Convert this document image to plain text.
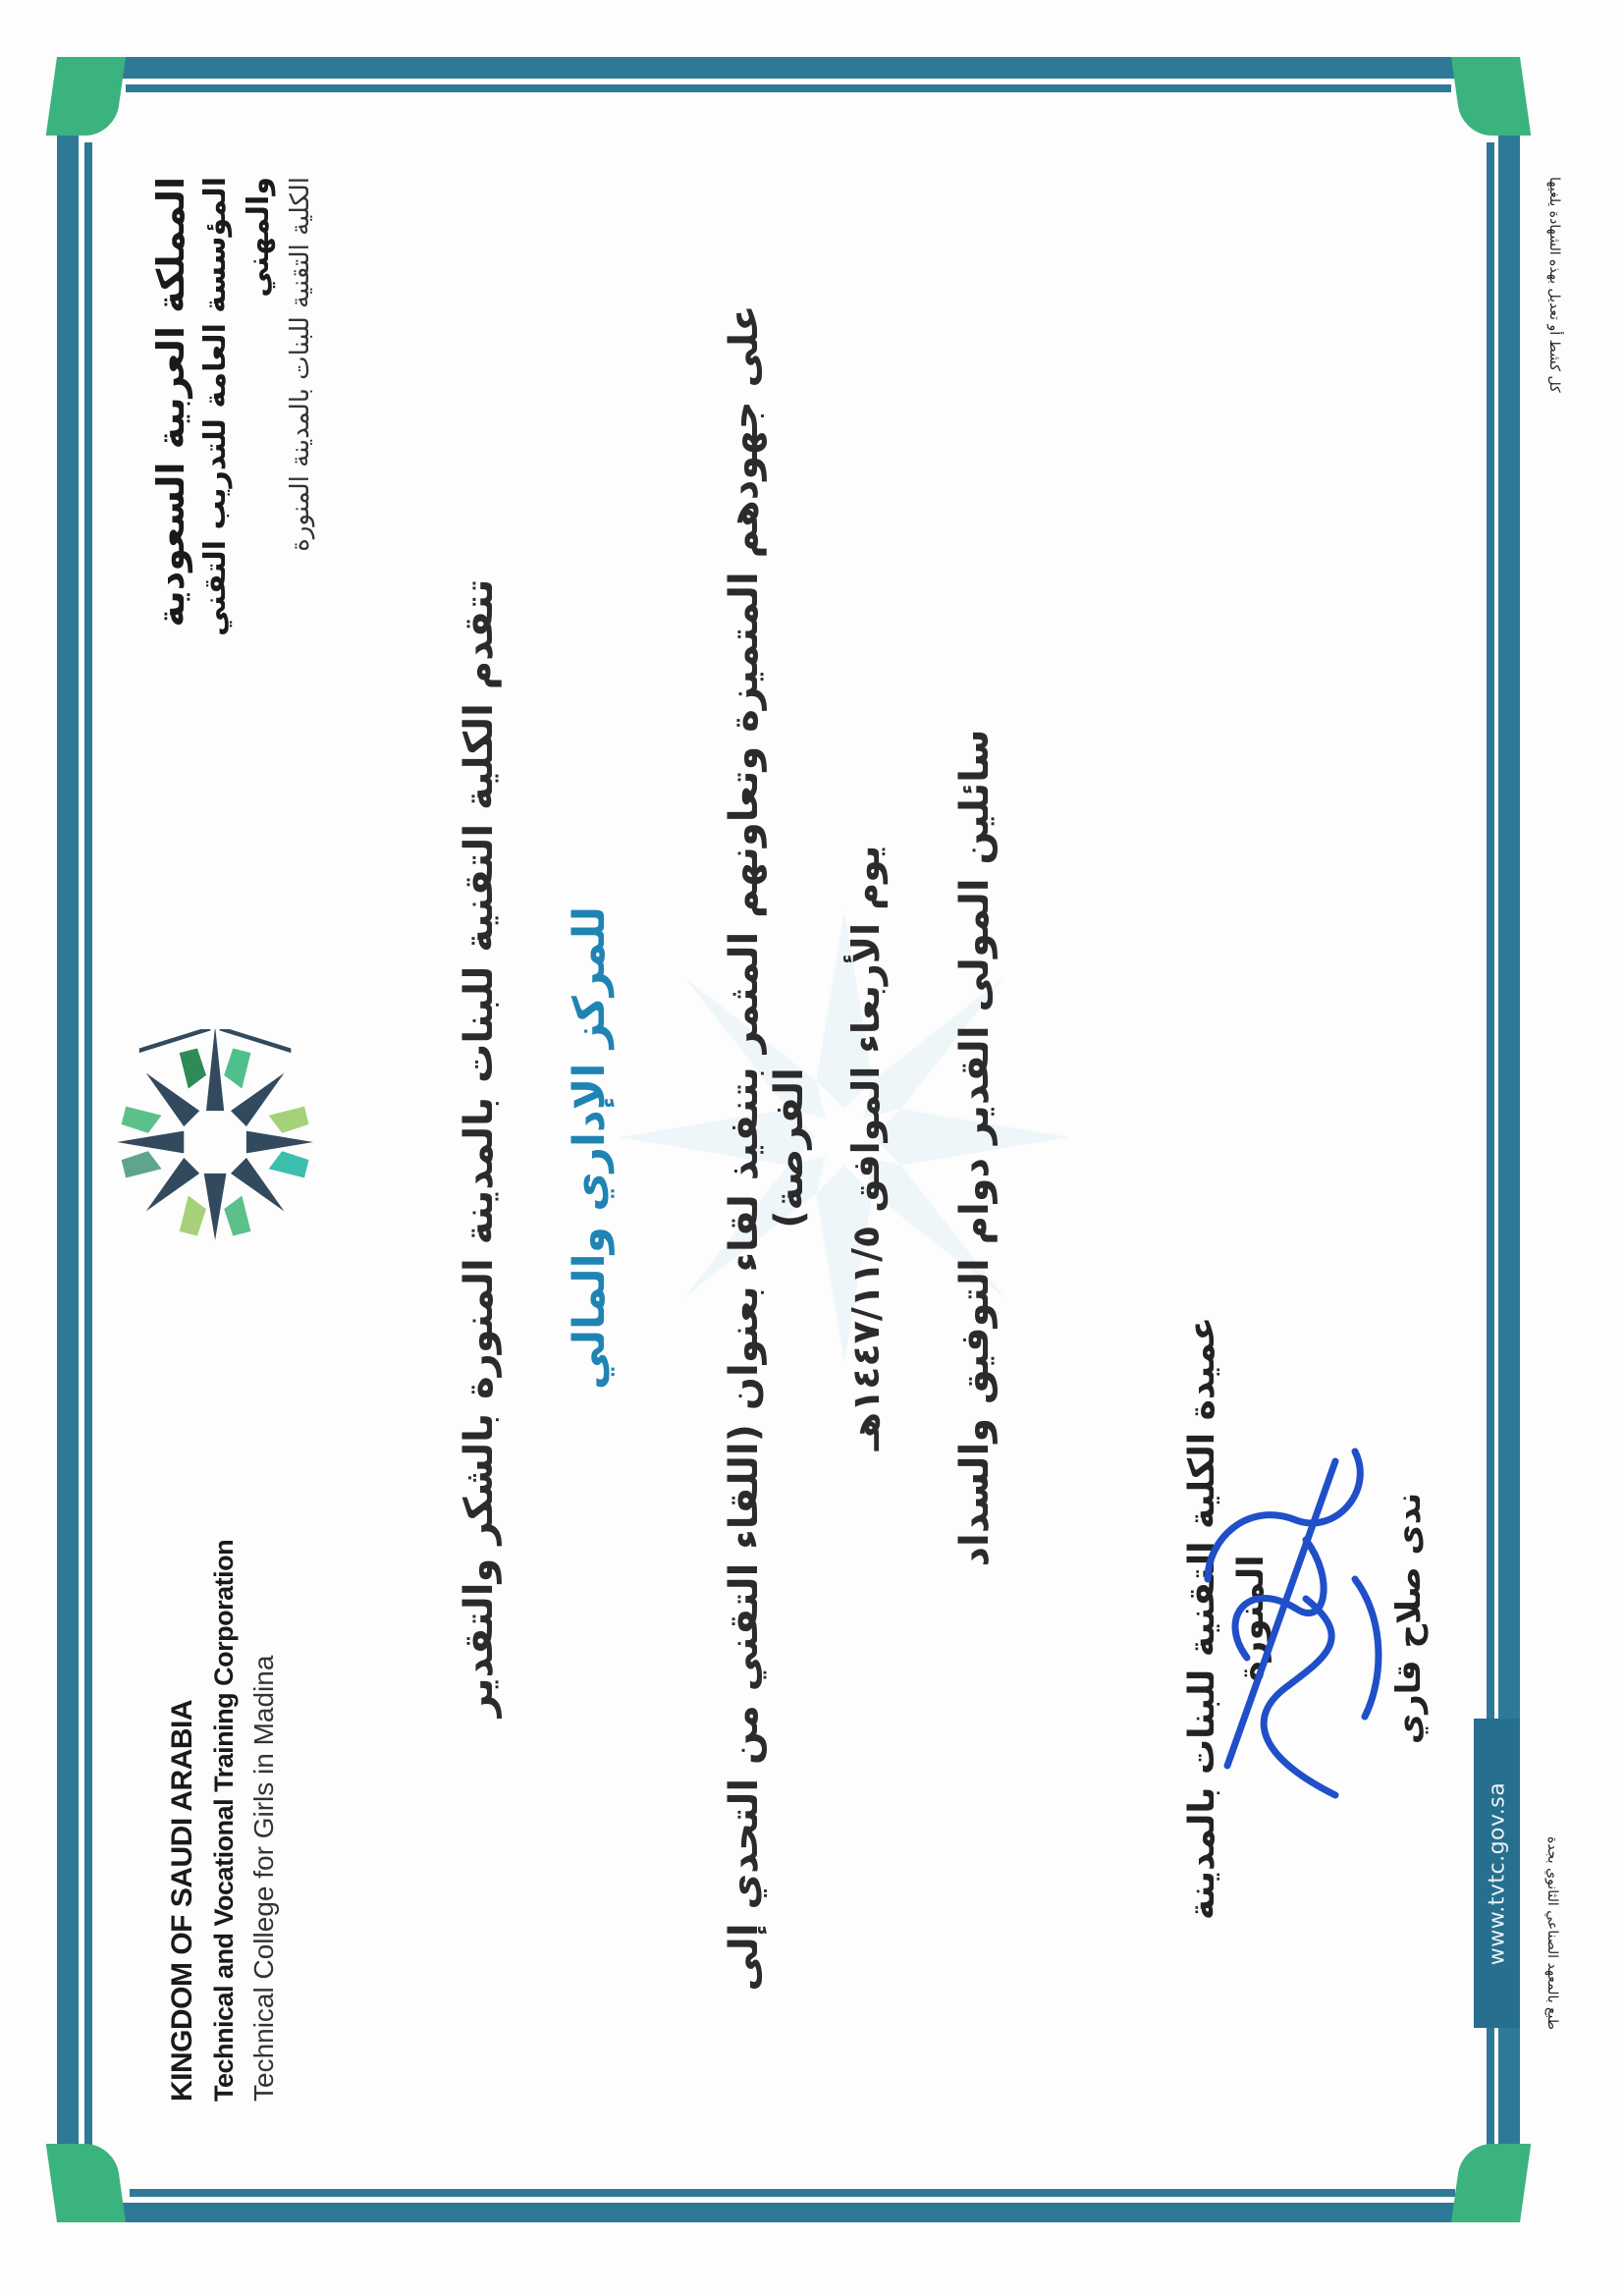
www.tvtc.gov.sa
كل كشط أو تعديل بهذه الشهادة يلغيها
طبع بالمعهد الصناعي الثانوي بجدة
المملكة العربية السعودية المؤسسة العامة للتدريب التقني والمهني الكلية التقنية للبنات بالمدينة المنورة
KINGDOM OF SAUDI ARABIA Technical and Vocational Training Corporation Technical College for Girls in Madina
تتقدم الكلية التقنية للبنات بالمدينة المنورة بالشكر والتقدير للمركز الإداري والمالي	على جهودهم المتميزة وتعاونهم المثمر بتنفيذ لقاء بعنوان (اللقاء التقني من التحدي إلى الفرصة)
يوم الأربعاء الموافق ١٤٤٧/١١/٥هـ سائلين المولى القدير دوام التوفيق والسداد
عميدة الكلية التقنية للبنات بالمدينة المنورة	ندى صلاح قاري
